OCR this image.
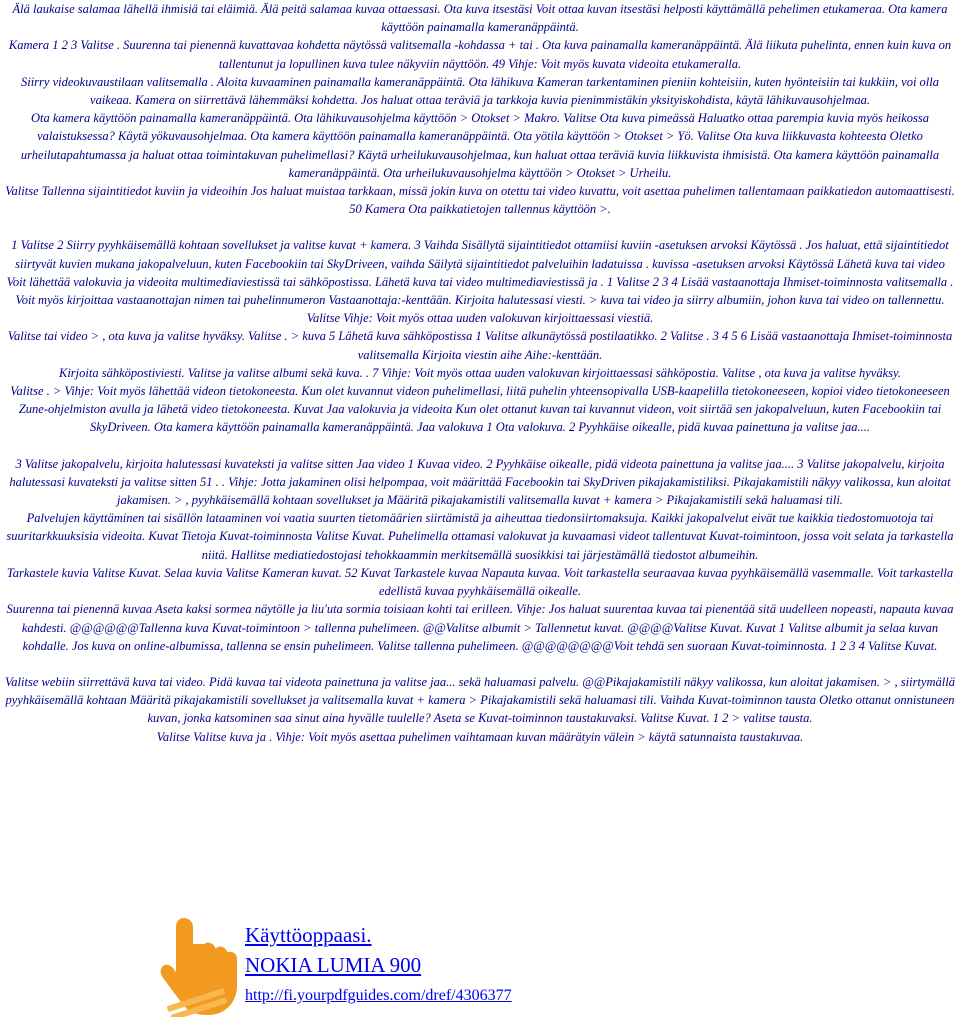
Älä laukaise salamaa lähellä ihmisiä tai eläimiä. Älä peitä salamaa kuvaa ottaessasi. Ota kuva itsestäsi Voit ottaa kuvan itsestäsi helposti käyttämällä pehelimen etukameraa. Ota kamera käyttöön painamalla kameranäppäintä.

Kamera 1 2 3 Valitse . Suurenna tai pienennä kuvattavaa kohdetta näytössä valitsemalla -kohdassa + tai . Ota kuva painamalla kameranäppäintä. Älä liikuta puhelinta, ennen kuin kuva on tallentunut ja lopullinen kuva tulee näkyviin näyttöön. 49 Vihje: Voit myös kuvata videoita etukameralla.

Siirry videokuvaustilaan valitsemalla . Aloita kuvaaminen painamalla kameranäppäintä. Ota lähikuva Kameran tarkentaminen pieniin kohteisiin, kuten hyönteisiin tai kukkiin, voi olla vaikeaa. Kamera on siirrettävä lähemmäksi kohdetta. Jos haluat ottaa teräviä ja tarkkoja kuvia pienimmistäkin yksityiskohdista, käytä lähikuvausohjelmaa.

Ota kamera käyttöön painamalla kameranäppäintä. Ota lähikuvausohjelma käyttöön > Otokset > Makro. Valitse Ota kuva pimeässä Haluatko ottaa parempia kuvia myös heikossa valaistuksessa? Käytä yökuvausohjelmaa. Ota kamera käyttöön painamalla kameranäppäintä. Ota yötila käyttöön > Otokset > Yö. Valitse Ota kuva liikkuvasta kohteesta Oletko urheilutapahtumassa ja haluat ottaa toimintakuvan puhelimellasi? Käytä urheilukuvausohjelmaa, kun haluat ottaa teräviä kuvia liikkuvista ihmisistä. Ota kamera käyttöön painamalla kameranäppäintä. Ota urheilukuvausohjelma käyttöön > Otokset > Urheilu.

Valitse Tallenna sijaintitiedot kuviin ja videoihin Jos haluat muistaa tarkkaan, missä jokin kuva on otettu tai video kuvattu, voit asettaa puhelimen tallentamaan paikkatiedon automaattisesti. 50 Kamera Ota paikkatietojen tallennus käyttöön >.

1 Valitse 2 Siirry pyyhkäisemällä kohtaan sovellukset ja valitse kuvat + kamera. 3 Vaihda Sisällytä sijaintitiedot ottamiisi kuviin -asetuksen arvoksi Käytössä . Jos haluat, että sijaintitiedot siirtyvät kuvien mukana jakopalveluun, kuten Facebookiin tai SkyDriveen, vaihda Säilytä sijaintitiedot palveluihin ladatuissa . kuvissa -asetuksen arvoksi Käytössä Lähetä kuva tai video Voit lähettää valokuvia ja videoita multimediaviestissä tai sähköpostissa. Lähetä kuva tai video multimediaviestissä ja . 1 Valitse 2 3 4 Lisää vastaanottaja Ihmiset-toiminnosta valitsemalla . Voit myös kirjoittaa vastaanottajan nimen tai puhelinnumeron Vastaanottaja:-kenttään. Kirjoita halutessasi viesti. > kuva tai video ja siirry albumiin, johon kuva tai video on tallennettu. Valitse Vihje: Voit myös ottaa uuden valokuvan kirjoittaessasi viestiä.

Valitse tai video > , ota kuva ja valitse hyväksy. Valitse . > kuva 5 Lähetä kuva sähköpostissa 1 Valitse alkunäytössä postilaatikko. 2 Valitse . 3 4 5 6 Lisää vastaanottaja Ihmiset-toiminnosta valitsemalla Kirjoita viestin aihe Aihe:-kenttään.

Kirjoita sähköpostiviesti. Valitse ja valitse albumi sekä kuva. . 7 Vihje: Voit myös ottaa uuden valokuvan kirjoittaessasi sähköpostia. Valitse , ota kuva ja valitse hyväksy.

Valitse . > Vihje: Voit myös lähettää videon tietokoneesta. Kun olet kuvannut videon puhelimellasi, liitä puhelin yhteensopivalla USB-kaapelilla tietokoneeseen, kopioi video tietokoneeseen Zune-ohjelmiston avulla ja lähetä video tietokoneesta. Kuvat Jaa valokuvia ja videoita Kun olet ottanut kuvan tai kuvannut videon, voit siirtää sen jakopalveluun, kuten Facebookiin tai SkyDriveen. Ota kamera käyttöön painamalla kameranäppäintä. Jaa valokuva 1 Ota valokuva. 2 Pyyhkäise oikealle, pidä kuvaa painettuna ja valitse jaa....

3 Valitse jakopalvelu, kirjoita halutessasi kuvateksti ja valitse sitten Jaa video 1 Kuvaa video. 2 Pyyhkäise oikealle, pidä videota painettuna ja valitse jaa.... 3 Valitse jakopalvelu, kirjoita halutessasi kuvateksti ja valitse sitten 51 . . Vihje: Jotta jakaminen olisi helpompaa, voit määrittää Facebookin tai SkyDriven pikajakamistiliksi. Pikajakamistili näkyy valikossa, kun aloitat jakamisen. > , pyyhkäisemällä kohtaan sovellukset ja Määritä pikajakamistili valitsemalla kuvat + kamera > Pikajakamistili sekä haluamasi tili.

Palvelujen käyttäminen tai sisällön lataaminen voi vaatia suurten tietomäärien siirtämistä ja aiheuttaa tiedonsiirtomaksuja. Kaikki jakopalvelut eivät tue kaikkia tiedostomuotoja tai suuritarkkuuksisia videoita. Kuvat Tietoja Kuvat-toiminnosta Valitse Kuvat. Puhelimella ottamasi valokuvat ja kuvaamasi videot tallentuvat Kuvat-toimintoon, jossa voit selata ja tarkastella niitä. Hallitse mediatiedostojasi tehokkaammin merkitsemällä suosikkisi tai järjestämällä tiedostot albumeihin.

Tarkastele kuvia Valitse Kuvat. Selaa kuvia Valitse Kameran kuvat. 52 Kuvat Tarkastele kuvaa Napauta kuvaa. Voit tarkastella seuraavaa kuvaa pyyhkäisemällä vasemmalle. Voit tarkastella edellistä kuvaa pyyhkäisemällä oikealle.

Suurenna tai pienennä kuvaa Aseta kaksi sormea näytölle ja liu'uta sormia toisiaan kohti tai erilleen. Vihje: Jos haluat suurentaa kuvaa tai pienentää sitä uudelleen nopeasti, napauta kuvaa kahdesti. @@@@@@Tallenna kuva Kuvat-toimintoon > tallenna puhelimeen. @@Valitse albumit > Tallennetut kuvat. @@@@Valitse Kuvat. Kuvat 1 Valitse albumit ja selaa kuvan kohdalle. Jos kuva on online-albumissa, tallenna se ensin puhelimeen. Valitse tallenna puhelimeen. @@@@@@@@Voit tehdä sen suoraan Kuvat-toiminnosta. 1 2 3 4 Valitse Kuvat.

Valitse webiin siirrettävä kuva tai video. Pidä kuvaa tai videota painettuna ja valitse jaa... sekä haluamasi palvelu. @@Pikajakamistili näkyy valikossa, kun aloitat jakamisen. > , siirtymällä pyyhkäisemällä kohtaan Määritä pikajakamistili sovellukset ja valitsemalla kuvat + kamera > Pikajakamistili sekä haluamasi tili. Vaihda Kuvat-toiminnon taustа Oletko ottanut onnistuneen kuvan, jonka katsominen saa sinut aina hyvälle tuulelle? Aseta se Kuvat-toiminnon taustakuvaksi. Valitse Kuvat. 1 2 > valitse tausta.

Valitse Valitse kuva ja . Vihje: Voit myös asettaa puhelimen vaihtamaan kuvan määrätyin välein > käytä satunnaista taustakuvaa.

Käyttöoppaasi.
NOKIA LUMIA 900
http://fi.yourpdfguides.com/dref/4306377
